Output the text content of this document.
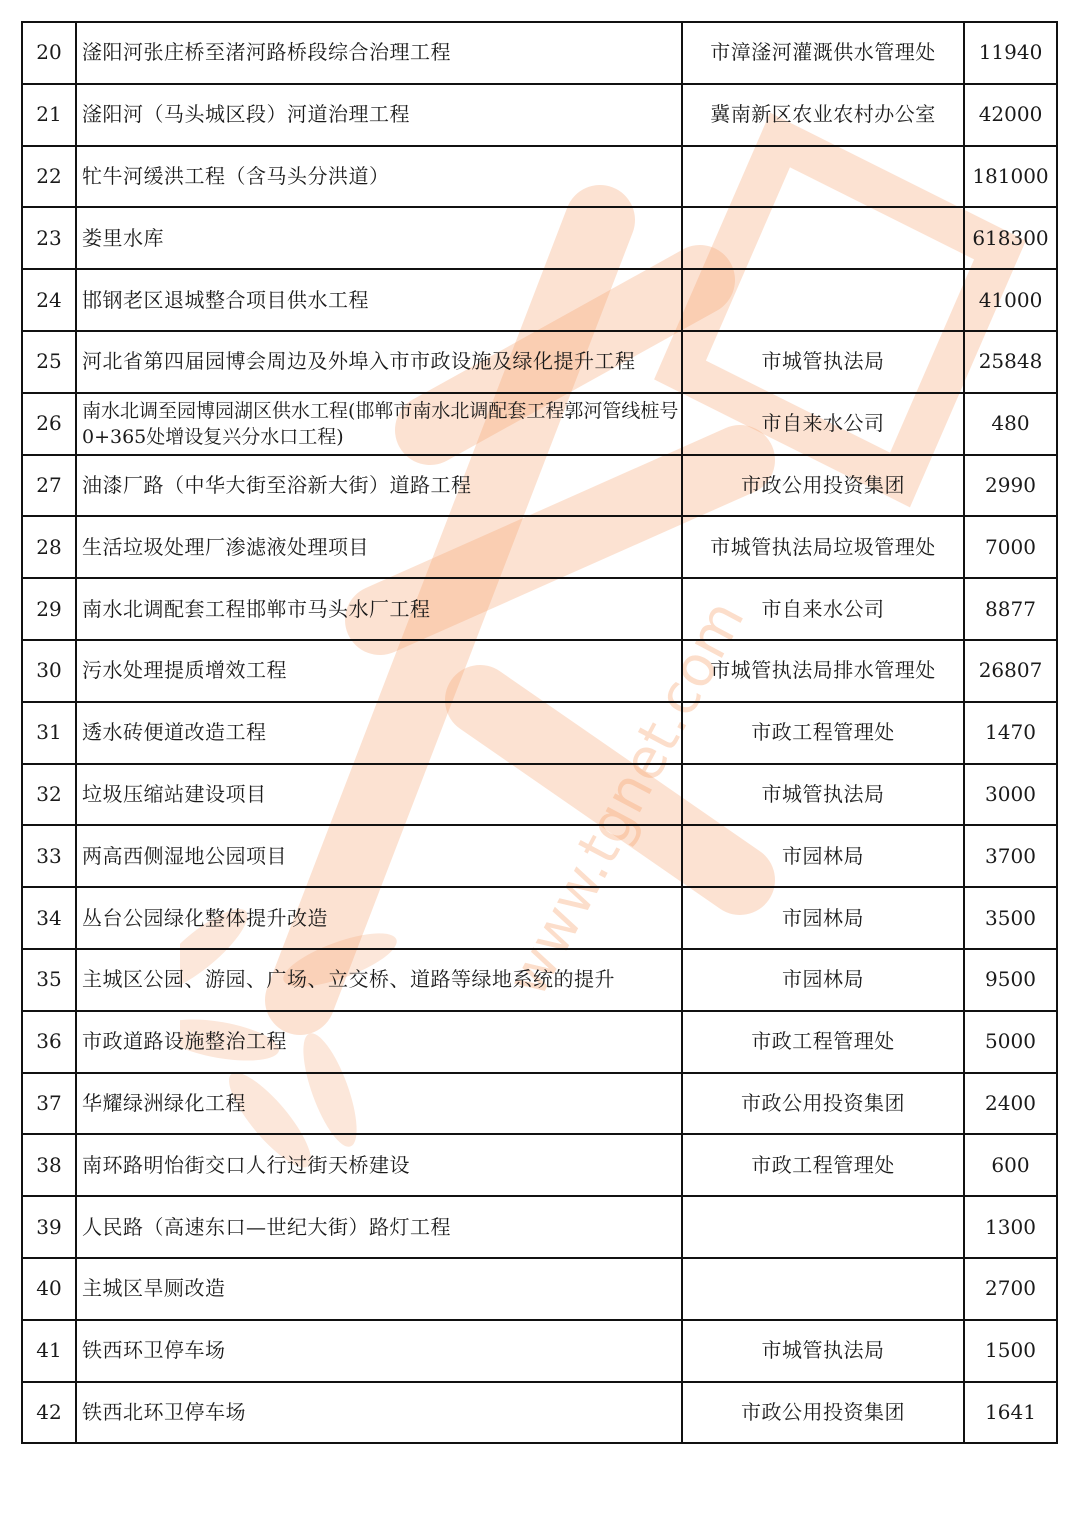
www.tgnet.com
20	滏阳河张庄桥至渚河路桥段综合治理工程	市漳滏河灌溉供水管理处	11940
21	滏阳河（马头城区段）河道治理工程	冀南新区农业农村办公室	42000
22	牤牛河缓洪工程（含马头分洪道）		181000
23	娄里水库		618300
24	邯钢老区退城整合项目供水工程		41000
25	河北省第四届园博会周边及外埠入市市政设施及绿化提升工程	市城管执法局	25848
26	南水北调至园博园湖区供水工程(邯郸市南水北调配套工程郭河管线桩号0+365处增设复兴分水口工程)	市自来水公司	480
27	油漆厂路（中华大街至浴新大街）道路工程	市政公用投资集团	2990
28	生活垃圾处理厂渗滤液处理项目	市城管执法局垃圾管理处	7000
29	南水北调配套工程邯郸市马头水厂工程	市自来水公司	8877
30	污水处理提质增效工程	市城管执法局排水管理处	26807
31	透水砖便道改造工程	市政工程管理处	1470
32	垃圾压缩站建设项目	市城管执法局	3000
33	两高西侧湿地公园项目	市园林局	3700
34	丛台公园绿化整体提升改造	市园林局	3500
35	主城区公园、游园、广场、立交桥、道路等绿地系统的提升	市园林局	9500
36	市政道路设施整治工程	市政工程管理处	5000
37	华耀绿洲绿化工程	市政公用投资集团	2400
38	南环路明怡街交口人行过街天桥建设	市政工程管理处	600
39	人民路（高速东口—世纪大街）路灯工程		1300
40	主城区旱厕改造		2700
41	铁西环卫停车场	市城管执法局	1500
42	铁西北环卫停车场	市政公用投资集团	1641
